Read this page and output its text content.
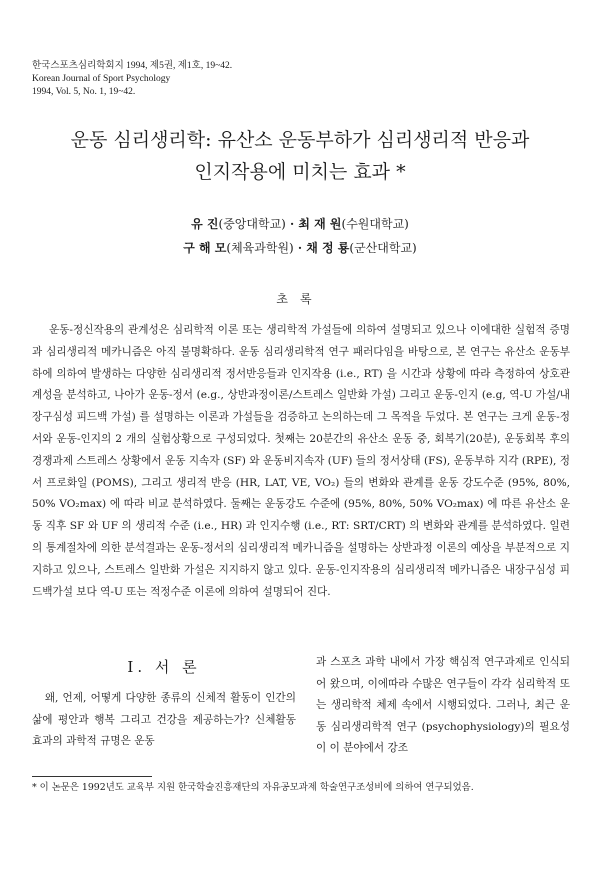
한국스포츠심리학회지 1994, 제5권, 제1호, 19~42.
Korean Journal of Sport Psychology
1994, Vol. 5, No. 1, 19~42.
운동 심리생리학: 유산소 운동부하가 심리생리적 반응과
인지작용에 미치는 효과 *
유 진(중앙대학교) · 최 재 원(수원대학교)
구 해 모(체육과학원) · 채 정 룡(군산대학교)
초록

운동-정신작용의 관계성은 심리학적 이론 또는 생리학적 가설들에 의하여 설명되고 있으나 이에대한 실험적 증명과 심리생리적 메카니즘은 아직 불명확하다. 운동 심리생리학적 연구 패러다임을 바탕으로, 본 연구는 유산소 운동부하에 의하여 발생하는 다양한 심리생리적 정서반응들과 인지작용 (i.e., RT) 을 시간과 상황에 따라 측정하여 상호관계성을 분석하고, 나아가 운동-정서 (e.g., 상반과정이론/스트레스 일반화 가설) 그리고 운동-인지 (e.g, 역-U 가설/내장구심성 피드백 가설) 를 설명하는 이론과 가설들을 검증하고 논의하는데 그 목적을 두었다. 본 연구는 크게 운동-정서와 운동-인지의 2 개의 실험상황으로 구성되었다. 첫째는 20분간의 유산소 운동 중, 회복기(20분), 운동회복 후의 경쟁과제 스트레스 상황에서 운동 지속자 (SF) 와 운동비지속자 (UF) 들의 정서상태 (FS), 운동부하 지각 (RPE), 정서 프로화일 (POMS), 그리고 생리적 반응 (HR, LAT, VE, VO₂) 들의 변화와 관계를 운동 강도수준 (95%, 80%, 50% VO₂max) 에 따라 비교 분석하였다. 둘째는 운동강도 수준에 (95%, 80%, 50% VO₂max) 에 따른 유산소 운동 직후 SF 와 UF 의 생리적 수준 (i.e., HR) 과 인지수행 (i.e., RT: SRT/CRT) 의 변화와 관계를 분석하였다. 일련의 통계절차에 의한 분석결과는 운동-정서의 심리생리적 메카니즘을 설명하는 상반과정 이론의 예상을 부분적으로 지지하고 있으나, 스트레스 일반화 가설은 지지하지 않고 있다. 운동-인지작용의 심리생리적 메카니즘은 내장구심성 피드백가설 보다 역-U 또는 적정수준 이론에 의하여 설명되어 진다.

I. 서 론

왜, 언제, 어떻게 다양한 종류의 신체적 활동이 인간의 삶에 평안과 행복 그리고 건강을 제공하는가? 신체활동 효과의 과학적 규명은 운동

과 스포츠 과학 내에서 가장 핵심적 연구과제로 인식되어 왔으며, 이에따라 수많은 연구들이 각각 심리학적 또는 생리학적 체제 속에서 시행되었다. 그러나, 최근 운동 심리생리학적 연구 (psychophysiology)의 필요성이 이 분야에서 강조

* 이 논문은 1992년도 교육부 지원 한국학술진흥재단의 자유공모과제 학술연구조성비에 의하여 연구되었음.
